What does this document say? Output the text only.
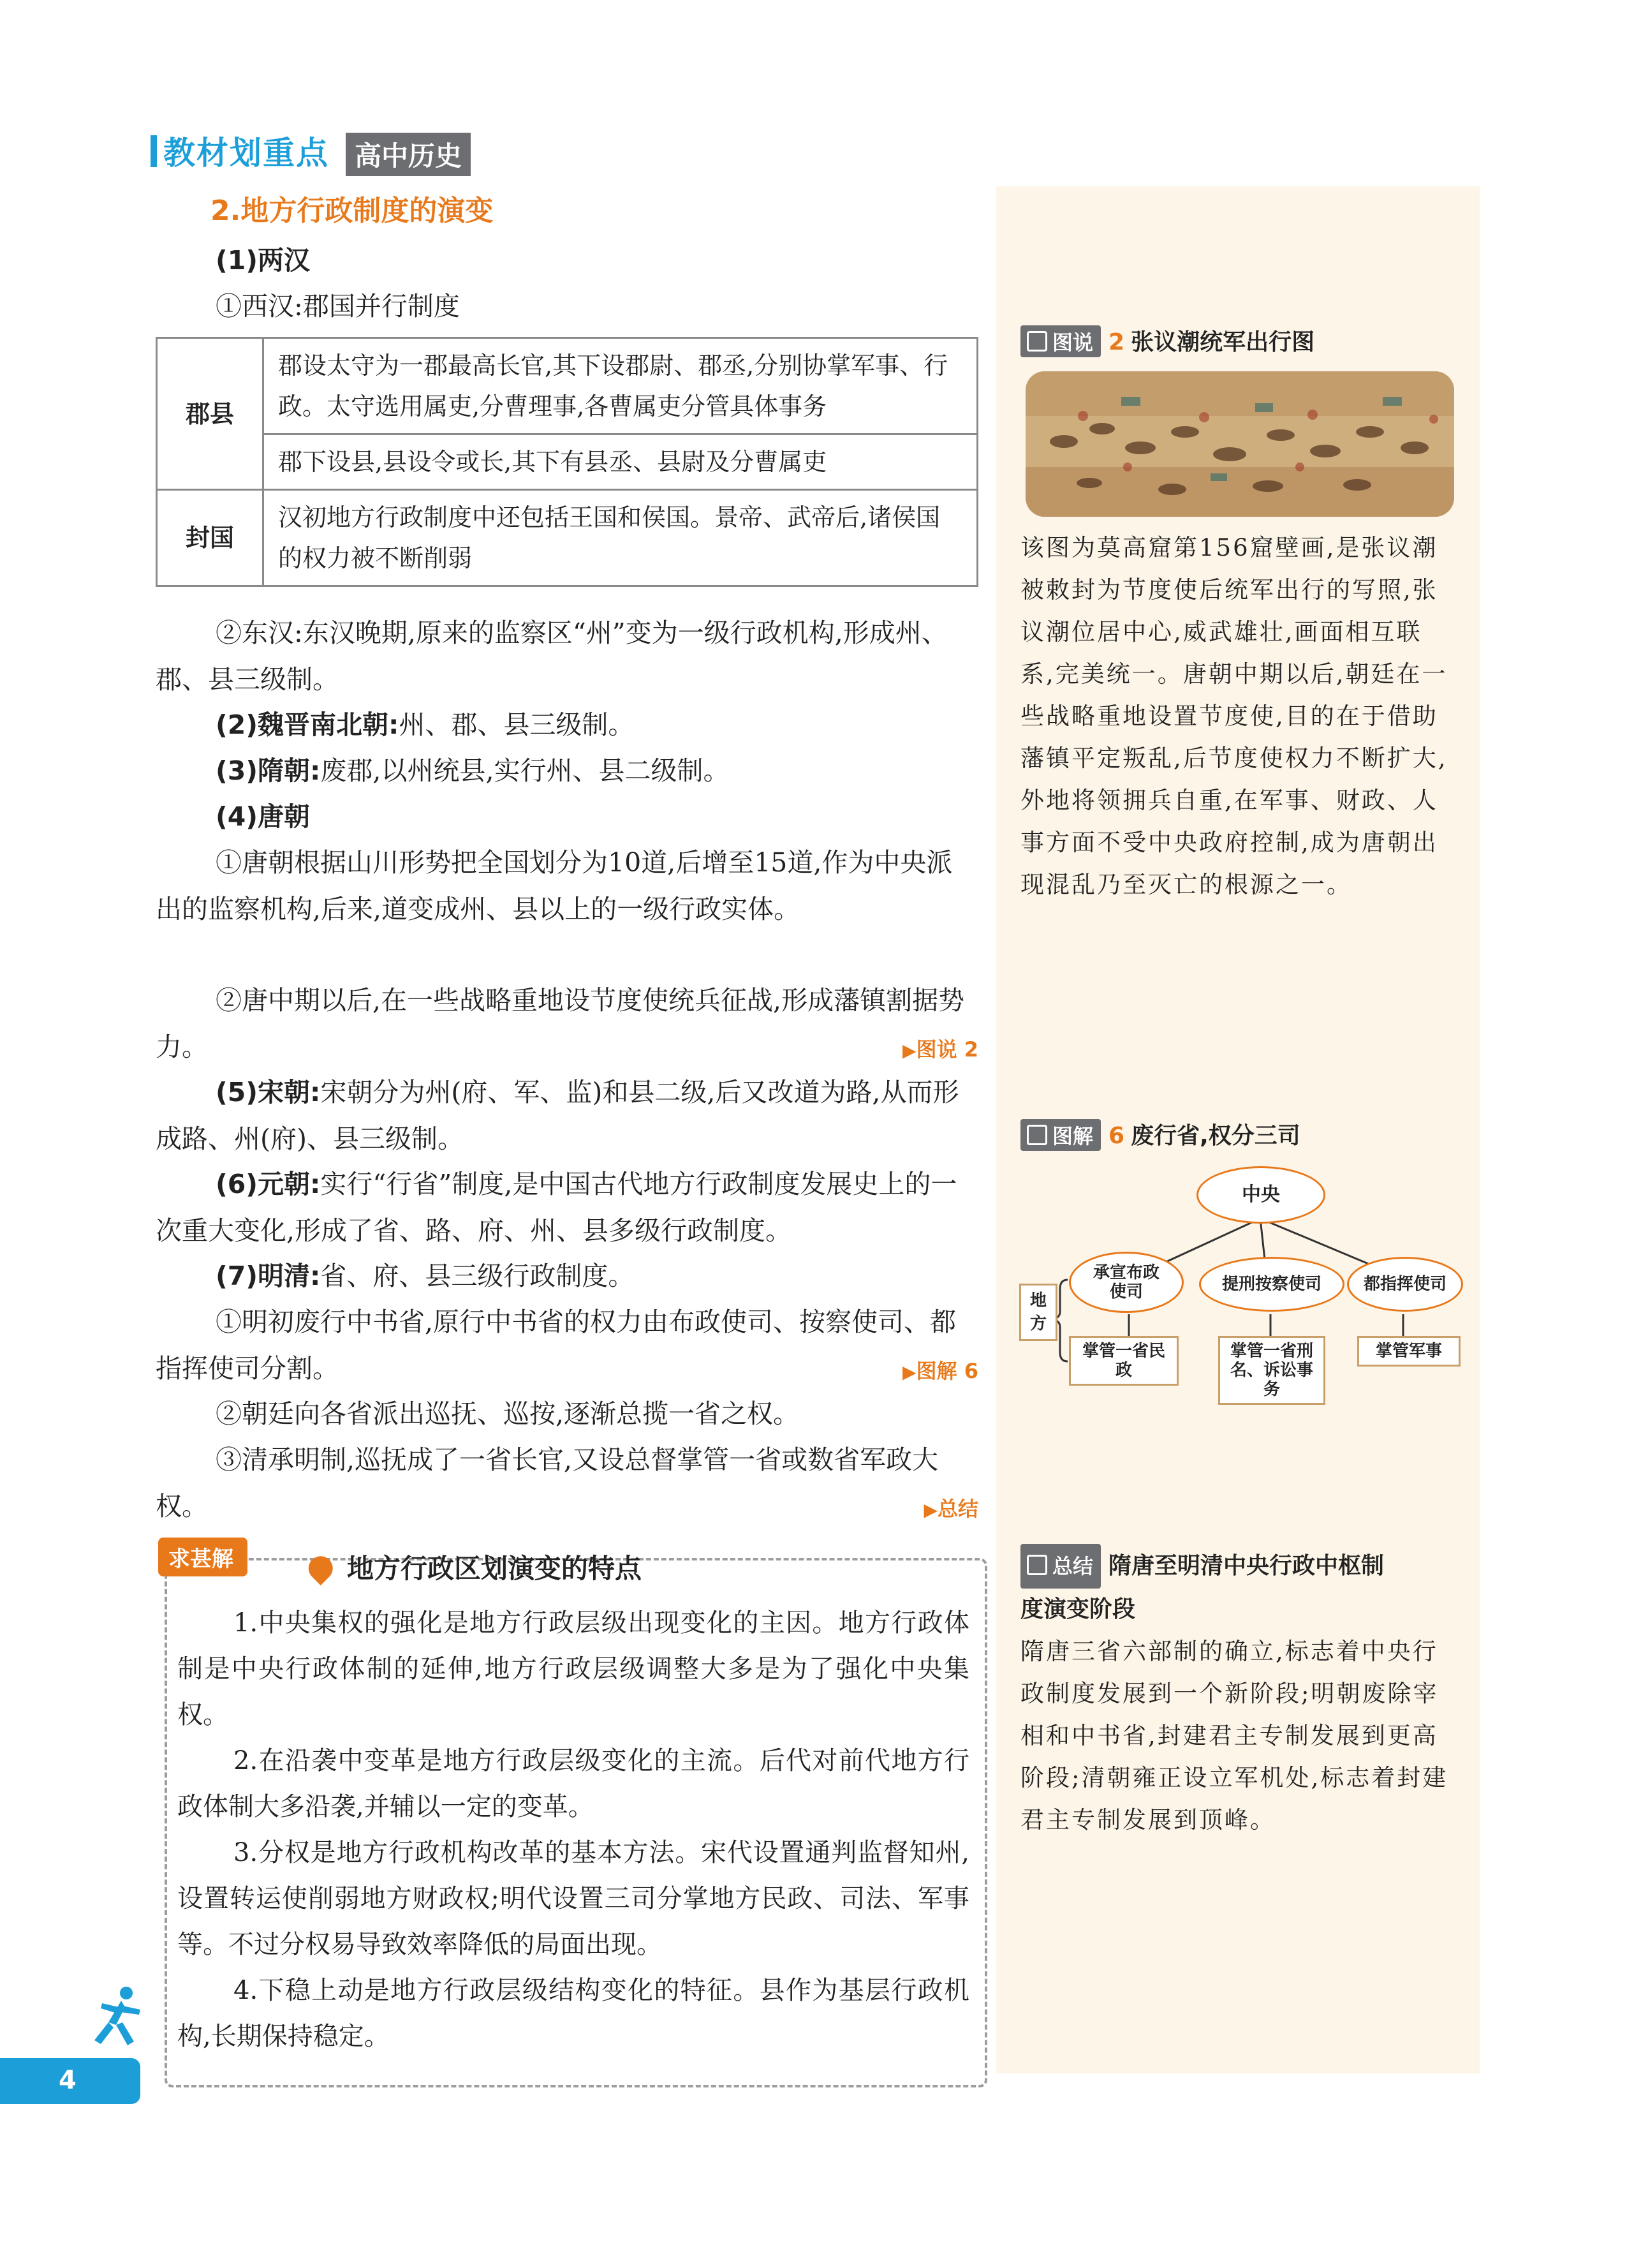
教材划重点 高中历史
2.地方行政制度的演变
(1)两汉
①西汉:郡国并行制度
郡县	郡设太守为一郡最高长官,其下设郡尉、郡丞,分别协掌军事、行政。太守选用属吏,分曹理事,各曹属吏分管具体事务
	郡下设县,县设令或长,其下有县丞、县尉及分曹属吏
封国	汉初地方行政制度中还包括王国和侯国。景帝、武帝后,诸侯国的权力被不断削弱
②东汉:东汉晚期,原来的监察区“州”变为一级行政机构,形成州、郡、县三级制。
(2)魏晋南北朝:州、郡、县三级制。
(3)隋朝:废郡,以州统县,实行州、县二级制。
(4)唐朝
①唐朝根据山川形势把全国划分为10道,后增至15道,作为中央派出的监察机构,后来,道变成州、县以上的一级行政实体。
②唐中期以后,在一些战略重地设节度使统兵征战,形成藩镇割据势力。	▶图说 2
(5)宋朝:宋朝分为州(府、军、监)和县二级,后又改道为路,从而形成路、州(府)、县三级制。
(6)元朝:实行“行省”制度,是中国古代地方行政制度发展史上的一次重大变化,形成了省、路、府、州、县多级行政制度。
(7)明清:省、府、县三级行政制度。
①明初废行中书省,原行中书省的权力由布政使司、按察使司、都指挥使司分割。	▶图解 6
②朝廷向各省派出巡抚、巡按,逐渐总揽一省之权。
③清承明制,巡抚成了一省长官,又设总督掌管一省或数省军政大权。	▶总结
求甚解	地方行政区划演变的特点
1.中央集权的强化是地方行政层级出现变化的主因。地方行政体制是中央行政体制的延伸,地方行政层级调整大多是为了强化中央集权。
2.在沿袭中变革是地方行政层级变化的主流。后代对前代地方行政体制大多沿袭,并辅以一定的变革。
3.分权是地方行政机构改革的基本方法。宋代设置通判监督知州,设置转运使削弱地方财政权;明代设置三司分掌地方民政、司法、军事等。不过分权易导致效率降低的局面出现。
4.下稳上动是地方行政层级结构变化的特征。县作为基层行政机构,长期保持稳定。
图说 2 张议潮统军出行图
该图为莫高窟第156窟壁画,是张议潮被敕封为节度使后统军出行的写照,张议潮位居中心,威武雄壮,画面相互联系,完美统一。唐朝中期以后,朝廷在一些战略重地设置节度使,目的在于借助藩镇平定叛乱,后节度使权力不断扩大,外地将领拥兵自重,在军事、财政、人事方面不受中央政府控制,成为唐朝出现混乱乃至灭亡的根源之一。
图解 6 废行省,权分三司
中央
地方
承宣布政使司	提刑按察使司	都指挥使司
掌管一省民政
掌管一省刑名、诉讼事务
掌管军事
总结 隋唐至明清中央行政中枢制
度演变阶段
隋唐三省六部制的确立,标志着中央行政制度发展到一个新阶段;明朝废除宰相和中书省,封建君主专制发展到更高阶段;清朝雍正设立军机处,标志着封建君主专制发展到顶峰。
4
